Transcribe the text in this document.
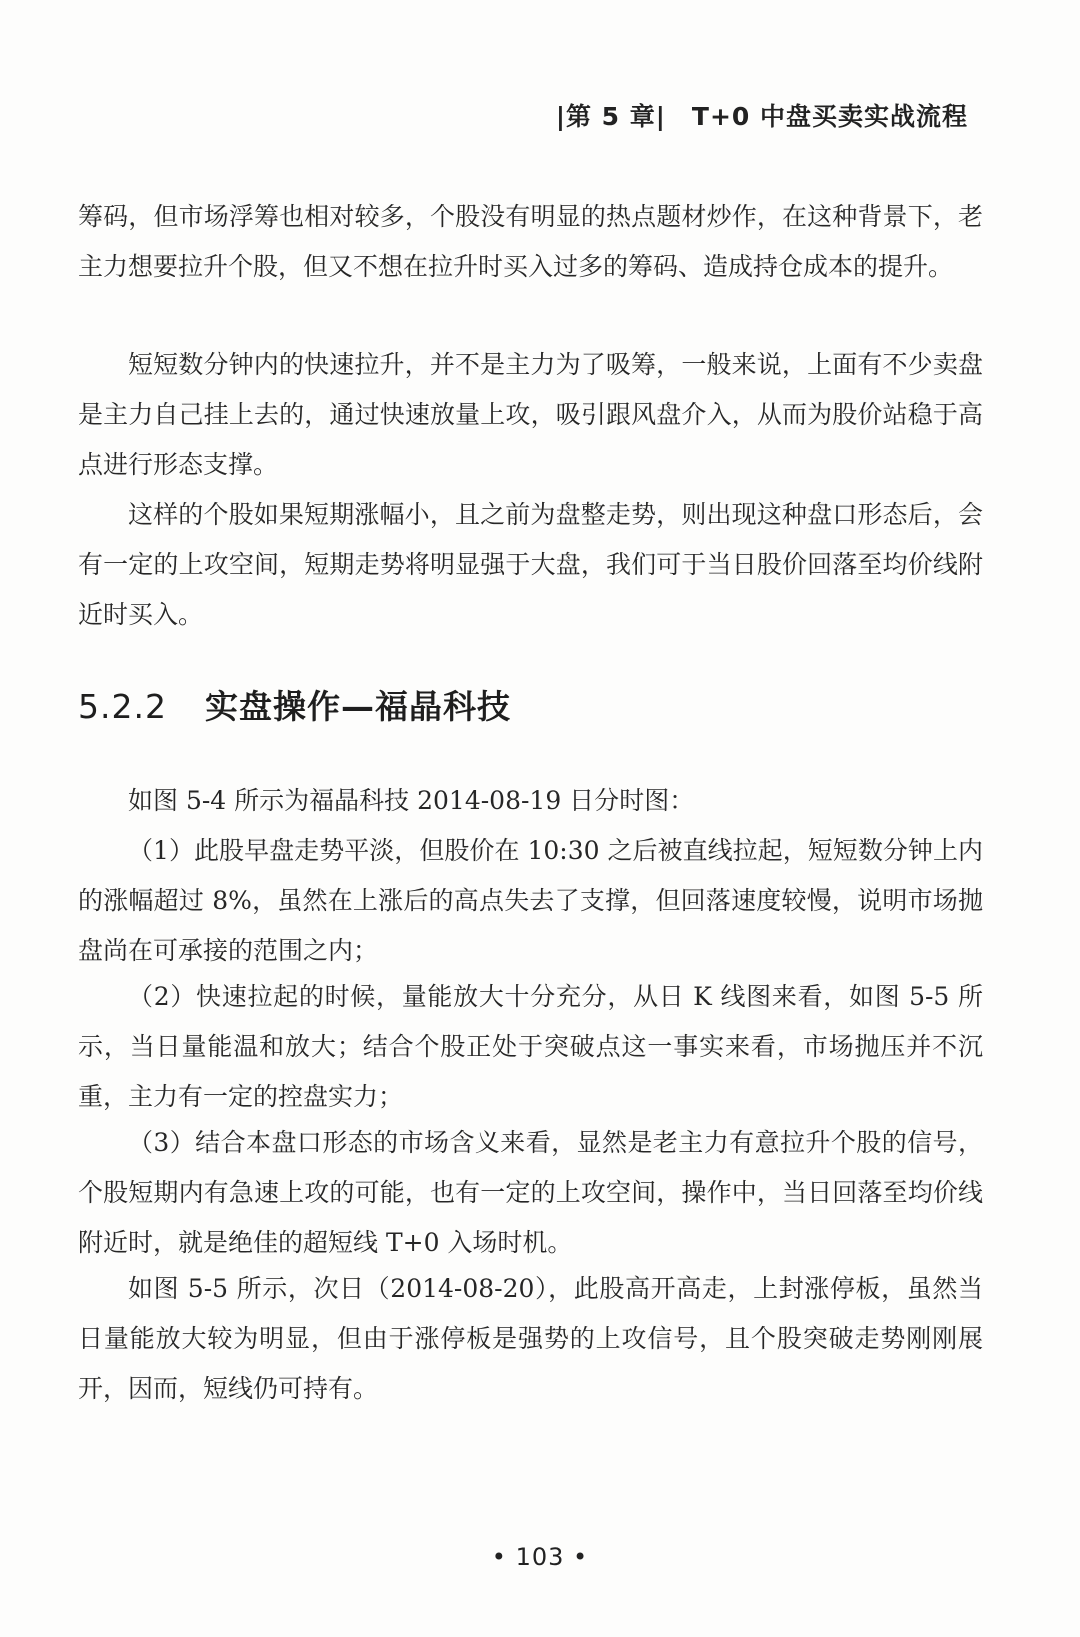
|第 5 章| T+0 中盘买卖实战流程

筹码，但市场浮筹也相对较多，个股没有明显的热点题材炒作，在这种背景下，老主力想要拉升个股，但又不想在拉升时买入过多的筹码、造成持仓成本的提升。

短短数分钟内的快速拉升，并不是主力为了吸筹，一般来说，上面有不少卖盘是主力自己挂上去的，通过快速放量上攻，吸引跟风盘介入，从而为股价站稳于高点进行形态支撑。

这样的个股如果短期涨幅小，且之前为盘整走势，则出现这种盘口形态后，会有一定的上攻空间，短期走势将明显强于大盘，我们可于当日股价回落至均价线附近时买入。

5.2.2 实盘操作—福晶科技

如图 5-4 所示为福晶科技 2014-08-19 日分时图：

（1）此股早盘走势平淡，但股价在 10:30 之后被直线拉起，短短数分钟上内的涨幅超过 8%，虽然在上涨后的高点失去了支撑，但回落速度较慢，说明市场抛盘尚在可承接的范围之内；

（2）快速拉起的时候，量能放大十分充分，从日 K 线图来看，如图 5-5 所示，当日量能温和放大；结合个股正处于突破点这一事实来看，市场抛压并不沉重，主力有一定的控盘实力；

（3）结合本盘口形态的市场含义来看，显然是老主力有意拉升个股的信号，个股短期内有急速上攻的可能，也有一定的上攻空间，操作中，当日回落至均价线附近时，就是绝佳的超短线 T+0 入场时机。

如图 5-5 所示，次日（2014-08-20），此股高开高走，上封涨停板，虽然当日量能放大较为明显，但由于涨停板是强势的上攻信号，且个股突破走势刚刚展开，因而，短线仍可持有。

• 103 •
